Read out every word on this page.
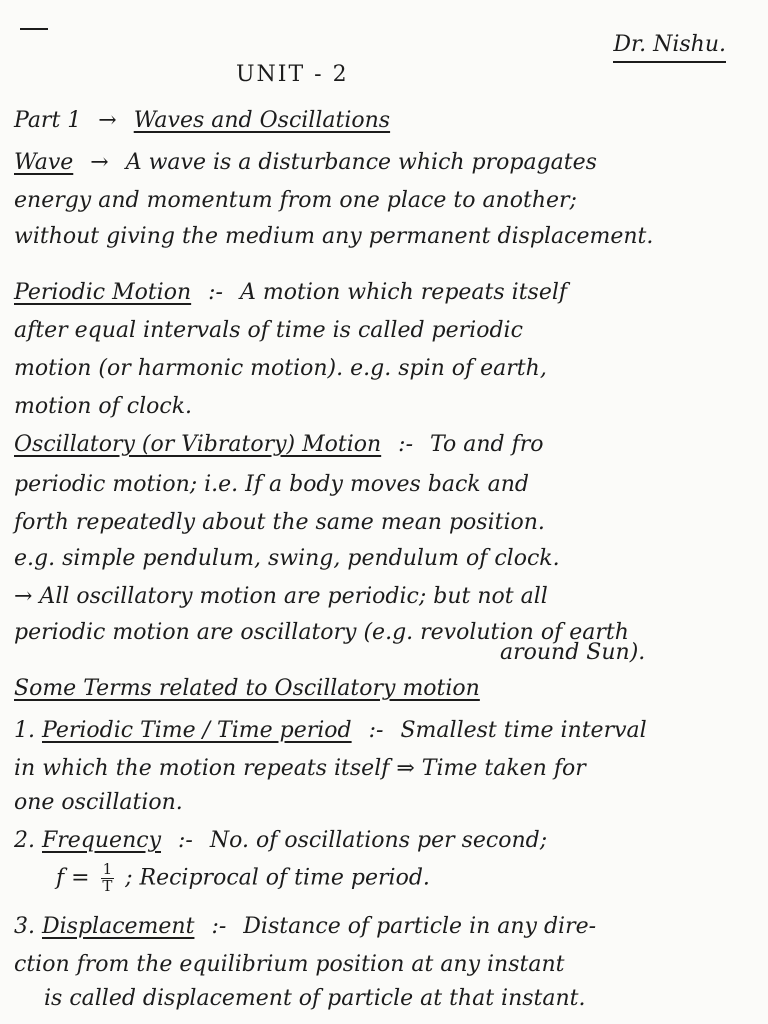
Dr. Nishu.
UNIT - 2
Part 1 → Waves and Oscillations
Wave → A wave is a disturbance which propagates
energy and momentum from one place to another;
without giving the medium any permanent displacement.
Periodic Motion :- A motion which repeats itself
after equal intervals of time is called periodic
motion (or harmonic motion). e.g. spin of earth,
motion of clock.
Oscillatory (or Vibratory) Motion :- To and fro
periodic motion; i.e. If a body moves back and
forth repeatedly about the same mean position.
e.g. simple pendulum, swing, pendulum of clock.
→ All oscillatory motion are periodic; but not all
periodic motion are oscillatory (e.g. revolution of earth
around Sun).
Some Terms related to Oscillatory motion
1. Periodic Time / Time period :- Smallest time interval
in which the motion repeats itself ⇒ Time taken for
one oscillation.
2. Frequency :- No. of oscillations per second;
$f = \frac{1}{T}$ ; Reciprocal of time period.
3. Displacement :- Distance of particle in any dire-
ction from the equilibrium position at any instant
is called displacement of particle at that instant.
